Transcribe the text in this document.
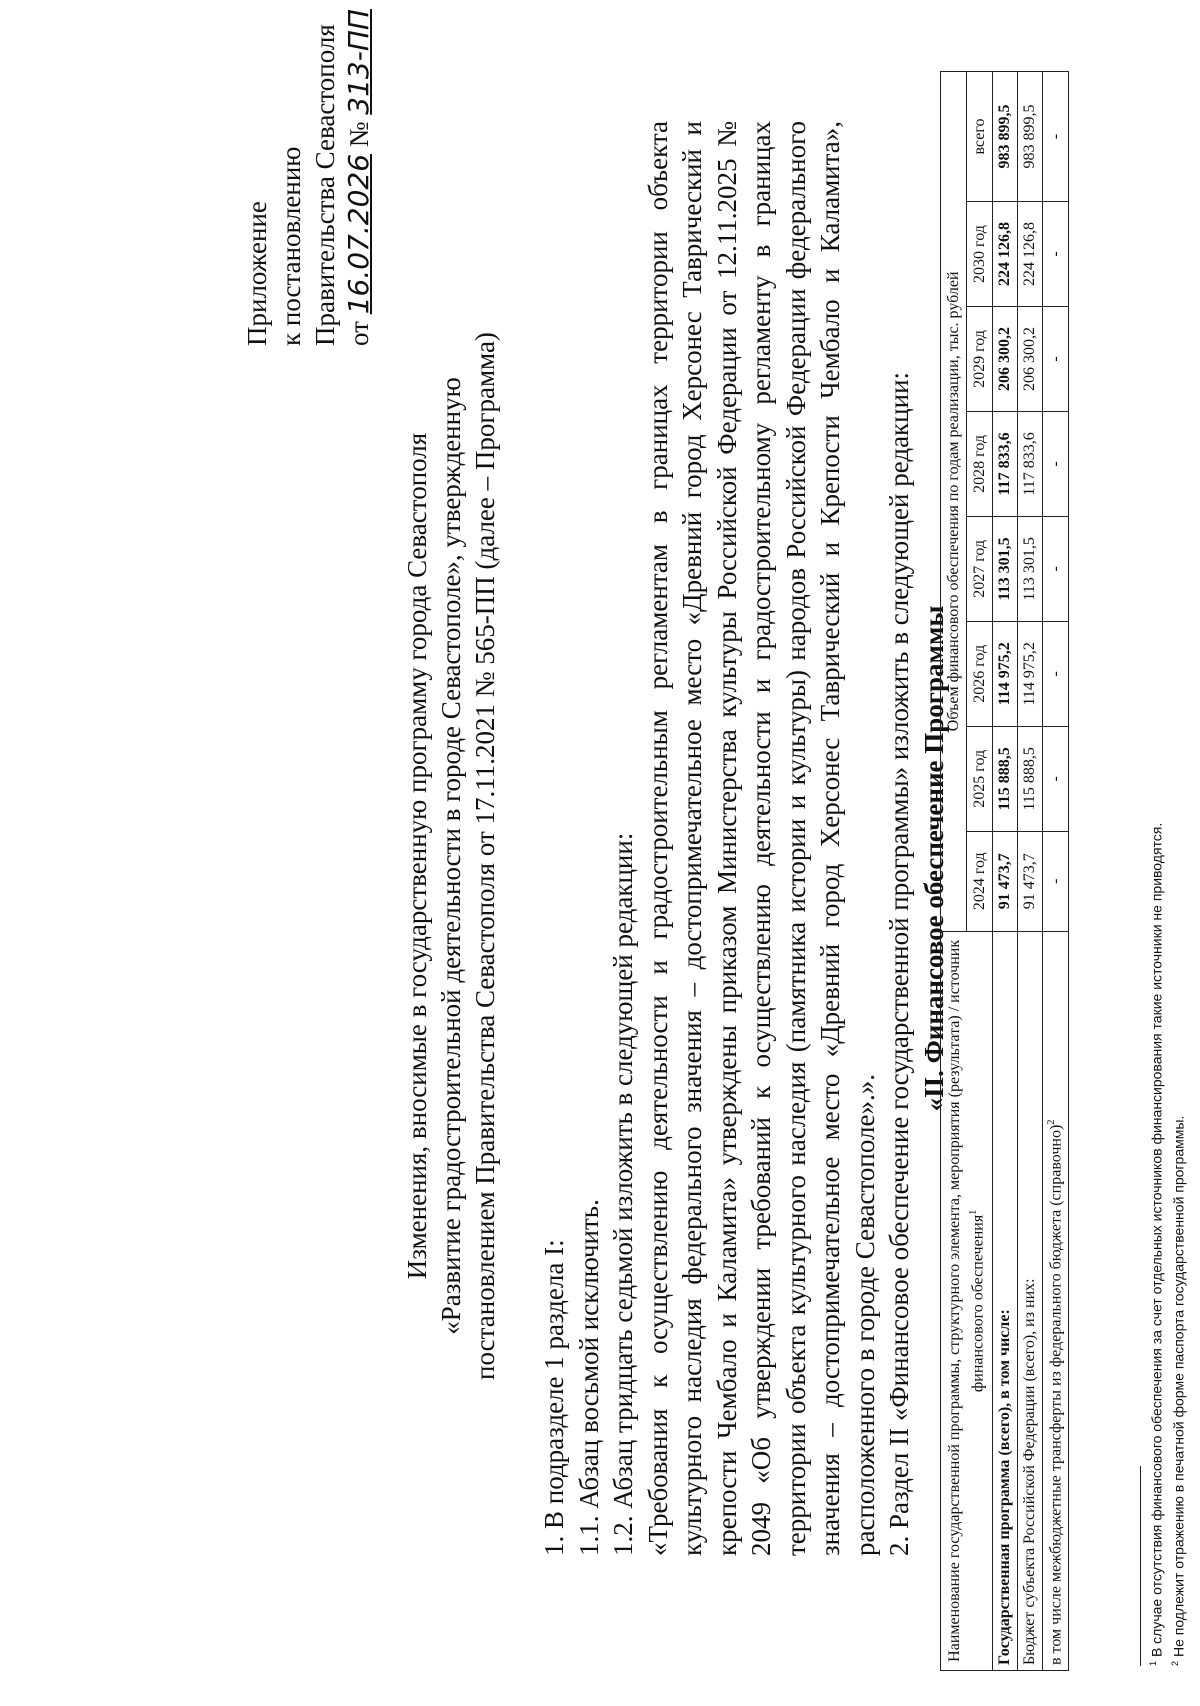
Приложение к постановлению Правительства Севастополя от 16.07.2026 № 313-ПП
Изменения, вносимые в государственную программу города Севастополя «Развитие градостроительной деятельности в городе Севастополе», утвержденную постановлением Правительства Севастополя от 17.11.2021 № 565-ПП (далее – Программа)

1. В подразделе 1 раздела I: 1.1. Абзац восьмой исключить. 1.2. Абзац тридцать седьмой изложить в следующей редакции: «Требования к осуществлению деятельности и градостроительным регламентам в границах территории объекта культурного наследия федерального значения – достопримечательное место «Древний город Херсонес Таврический и крепости Чембало и Каламита» утверждены приказом Министерства культуры Российской Федерации от 12.11.2025 № 2049 «Об утверждении требований к осуществлению деятельности и градостроительному регламенту в границах территории объекта культурного наследия (памятника истории и культуры) народов Российской Федерации федерального значения – достопримечательное место «Древний город Херсонес Таврический и Крепости Чембало и Каламита», расположенного в городе Севастополе».». 2. Раздел II «Финансовое обеспечение государственной программы» изложить в следующей редакции: «II. Финансовое обеспечение Программы

Наименование государственной программы, структурного элемента, мероприятия (результата) / источник финансового обеспечения$^1$	Объем финансового обеспечения по годам реализации, тыс. рублей							
	2024 год	2025 год	2026 год	2027 год	2028 год	2029 год	2030 год	всего
Государственная программа (всего), в том числе:	91 473,7	115 888,5	114 975,2	113 301,5	117 833,6	206 300,2	224 126,8	983 899,5
Бюджет субъекта Российской Федерации (всего), из них:	91 473,7	115 888,5	114 975,2	113 301,5	117 833,6	206 300,2	224 126,8	983 899,5
в том числе межбюджетные трансферты из федерального бюджета (справочно)$^2$	-	-	-	-	-	-	-	-
$^1$ В случае отсутствия финансового обеспечения за счет отдельных источников финансирования такие источники не приводятся.
$^2$ Не подлежит отражению в печатной форме паспорта государственной программы.
